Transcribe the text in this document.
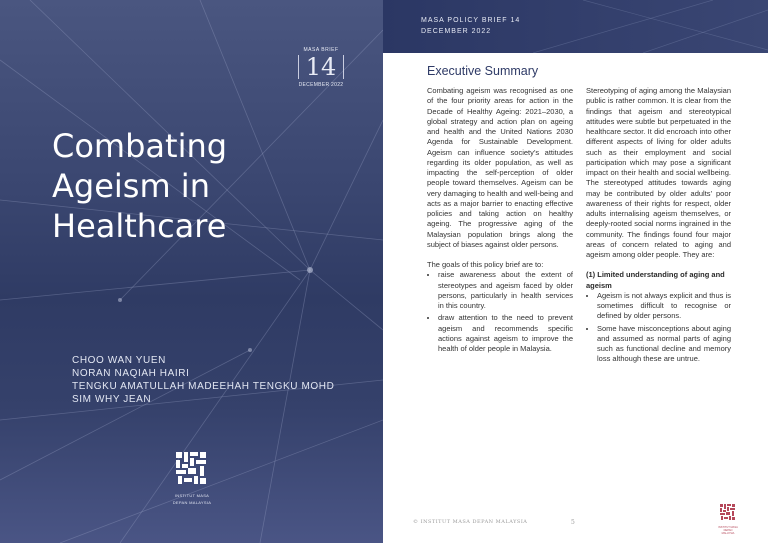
MASA BRIEF
14
DECEMBER 2022
Combating
Ageism in
Healthcare
CHOO WAN YUEN
NORAN NAQIAH HAIRI
TENGKU AMATULLAH MADEEHAH TENGKU MOHD
SIM WHY JEAN
INSTITUT MASA
DEPAN MALAYSIA
MASA POLICY BRIEF 14
DECEMBER 2022
Executive Summary

Combating ageism was recognised as one of the four priority areas for action in the Decade of Healthy Ageing: 2021–2030, a global strategy and action plan on ageing and health and the United Nations 2030 Agenda for Sustainable Development. Ageism can influence society’s attitudes regarding its older population, as well as impacting the self-perception of older people toward themselves. Ageism can be very damaging to health and well-being and acts as a major barrier to enacting effective policies and taking action on healthy ageing. The progressive aging of the Malaysian population brings along the subject of biases against older persons.

The goals of this policy brief are to:

• raise awareness about the extent of stereotypes and ageism faced by older persons, particularly in health services in this country.
• draw attention to the need to prevent ageism and recommends specific actions against ageism to improve the health of older people in Malaysia.

Stereotyping of aging among the Malaysian public is rather common. It is clear from the findings that ageism and stereotypical attitudes were subtle but perpetuated in the healthcare sector. It did encroach into other different aspects of living for older adults such as their employment and social participation which may pose a significant impact on their health and social wellbeing. The stereotyped attitudes towards aging may be contributed by older adults’ poor awareness of their rights for respect, older adults internalising ageism themselves, or deeply-rooted social norms ingrained in the community. The findings found four major areas of concern related to aging and ageism among older people. They are:

(1) Limited understanding of aging and ageism
• Ageism is not always explicit and thus is sometimes difficult to recognise or defined by older persons.
• Some have misconceptions about aging and assumed as normal parts of aging such as functional decline and memory loss although these are untrue.
© INSTITUT MASA DEPAN MALAYSIA	5
INSTITUT MASA DEPAN MALAYSIA
